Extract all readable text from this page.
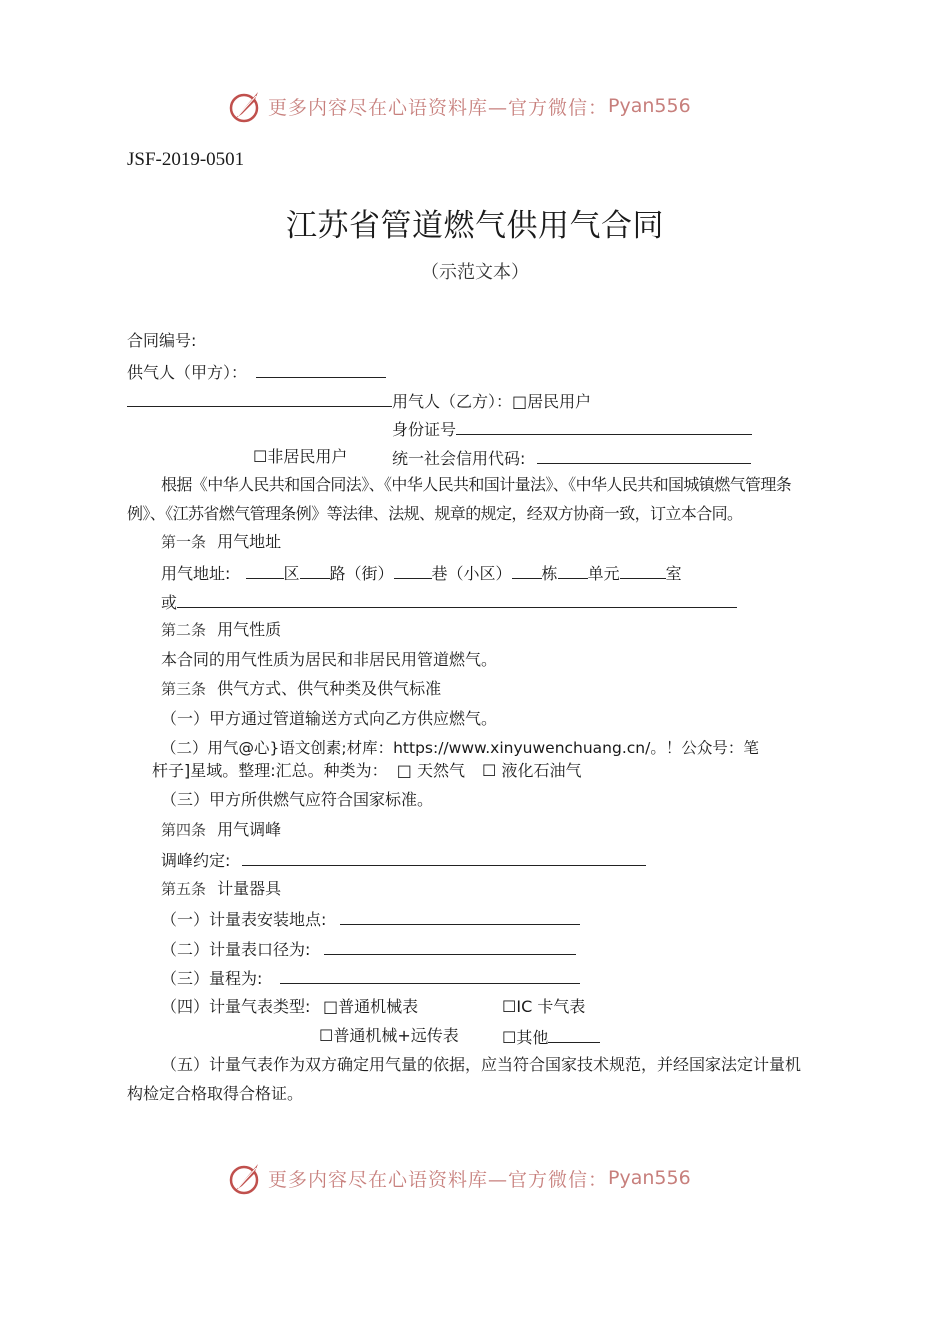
更多内容尽在心语资料库—官方微信： Pyan556
JSF-2019-0501
江苏省管道燃气供用气合同
（示范文本）
合同编号:
供气人（甲方）：
用气人（乙方）：□居民用户
身份证号
☐非居民用户	统一社会信用代码:
根据《中华人民共和国合同法》、《中华人民共和国计量法》、《中华人民共和国城镇燃气管理条
例》、《江苏省燃气管理条例》等法律、法规、规章的规定，经双方协商一致，订立本合同。
第一条 用气地址
用气地址:	区 路（街） 巷（小区） 栋 单元	室
或
第二条 用气性质
本合同的用气性质为居民和非居民用管道燃气。
第三条 供气方式、供气种类及供气标准
（一）甲方通过管道输送方式向乙方供应燃气。
（二）用气@心}语文创素;材库：https://www.xinyuwenchuang.cn/。！公众号：笔
杆子]星域。整理:汇总。种类为： □ 天然气 ☐ 液化石油气
（三）甲方所供燃气应符合国家标准。
第四条 用气调峰
调峰约定:
第五条 计量器具
（一）计量表安装地点:
（二）计量表口径为:
（三）量程为:
（四）计量气表类型: □普通机械表	☐IC 卡气表
☐普通机械+远传表	☐其他
（五）计量气表作为双方确定用气量的依据，应当符合国家技术规范，并经国家法定计量机
构检定合格取得合格证。
更多内容尽在心语资料库—官方微信： Pyan556
